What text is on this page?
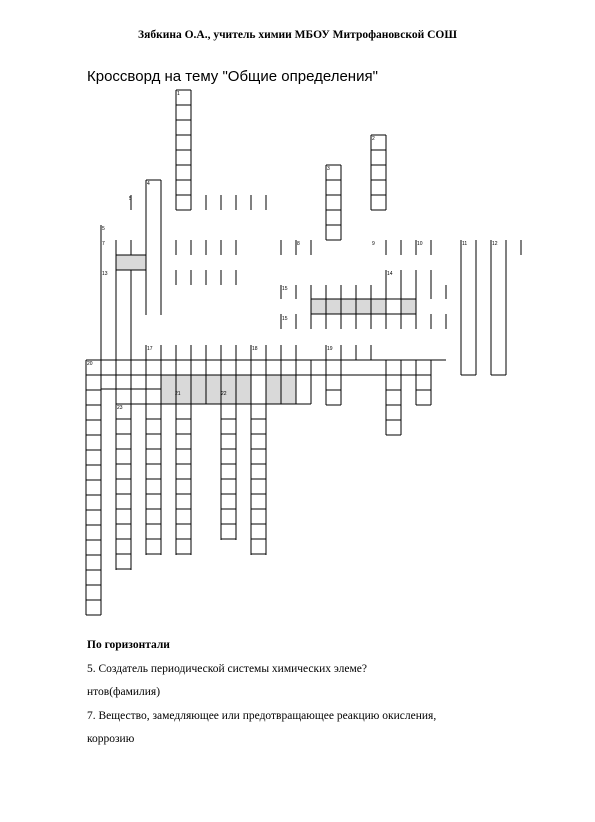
Зябкина О.А., учитель химии МБОУ Митрофановской СОШ
Кроссворд на тему "Общие определения"
1
2
3
4
5
5
7	8	9	10	11	12
13	14
15
15
17	18	19
20
21	22
23
По горизонтали
5. Создатель периодической системы химических элеме?
нтов(фамилия)
7. Вещество, замедляющее или предотвращающее реакцию окисления,
коррозию
